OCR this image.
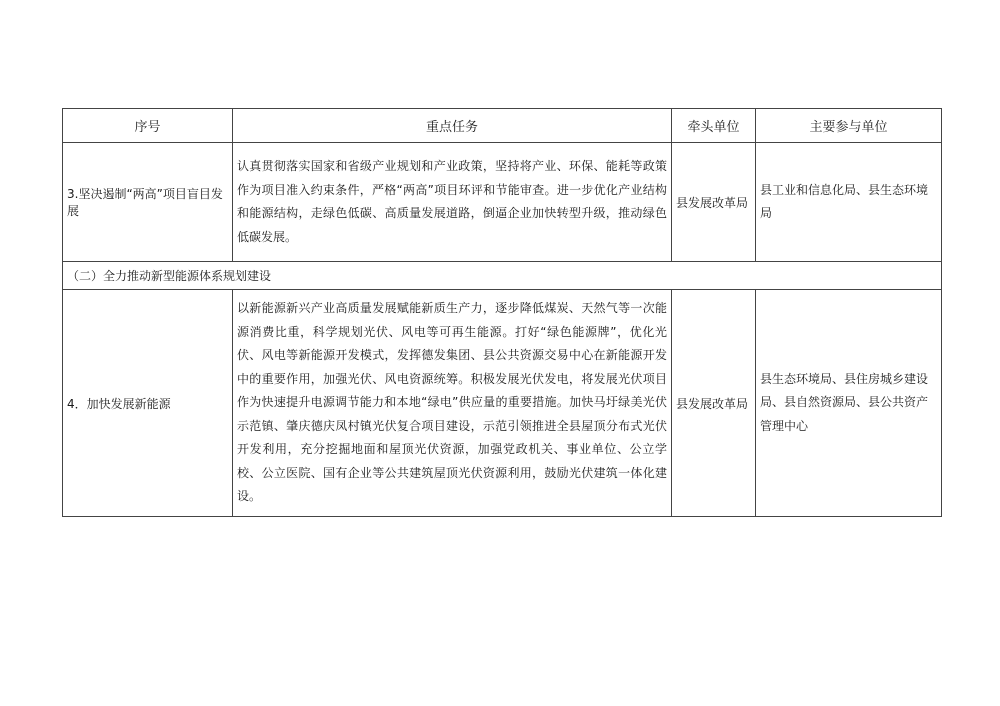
序号	重点任务	牵头单位	主要参与单位
3.坚决遏制“两高”项目盲目发展	认真贯彻落实国家和省级产业规划和产业政策，坚持将产业、环保、能耗等政策作为项目准入约束条件，严格“两高”项目环评和节能审查。进一步优化产业结构和能源结构，走绿色低碳、高质量发展道路，倒逼企业加快转型升级，推动绿色低碳发展。	县发展改革局	县工业和信息化局、县生态环境局
（二）全力推动新型能源体系规划建设			
4．加快发展新能源	以新能源新兴产业高质量发展赋能新质生产力，逐步降低煤炭、天然气等一次能源消费比重，科学规划光伏、风电等可再生能源。打好“绿色能源牌”，优化光伏、风电等新能源开发模式，发挥德发集团、县公共资源交易中心在新能源开发中的重要作用，加强光伏、风电资源统筹。积极发展光伏发电，将发展光伏项目作为快速提升电源调节能力和本地“绿电”供应量的重要措施。加快马圩绿美光伏示范镇、肇庆德庆凤村镇光伏复合项目建设，示范引领推进全县屋顶分布式光伏开发利用，充分挖掘地面和屋顶光伏资源，加强党政机关、事业单位、公立学校、公立医院、国有企业等公共建筑屋顶光伏资源利用，鼓励光伏建筑一体化建设。	县发展改革局	县生态环境局、县住房城乡建设局、县自然资源局、县公共资产管理中心
